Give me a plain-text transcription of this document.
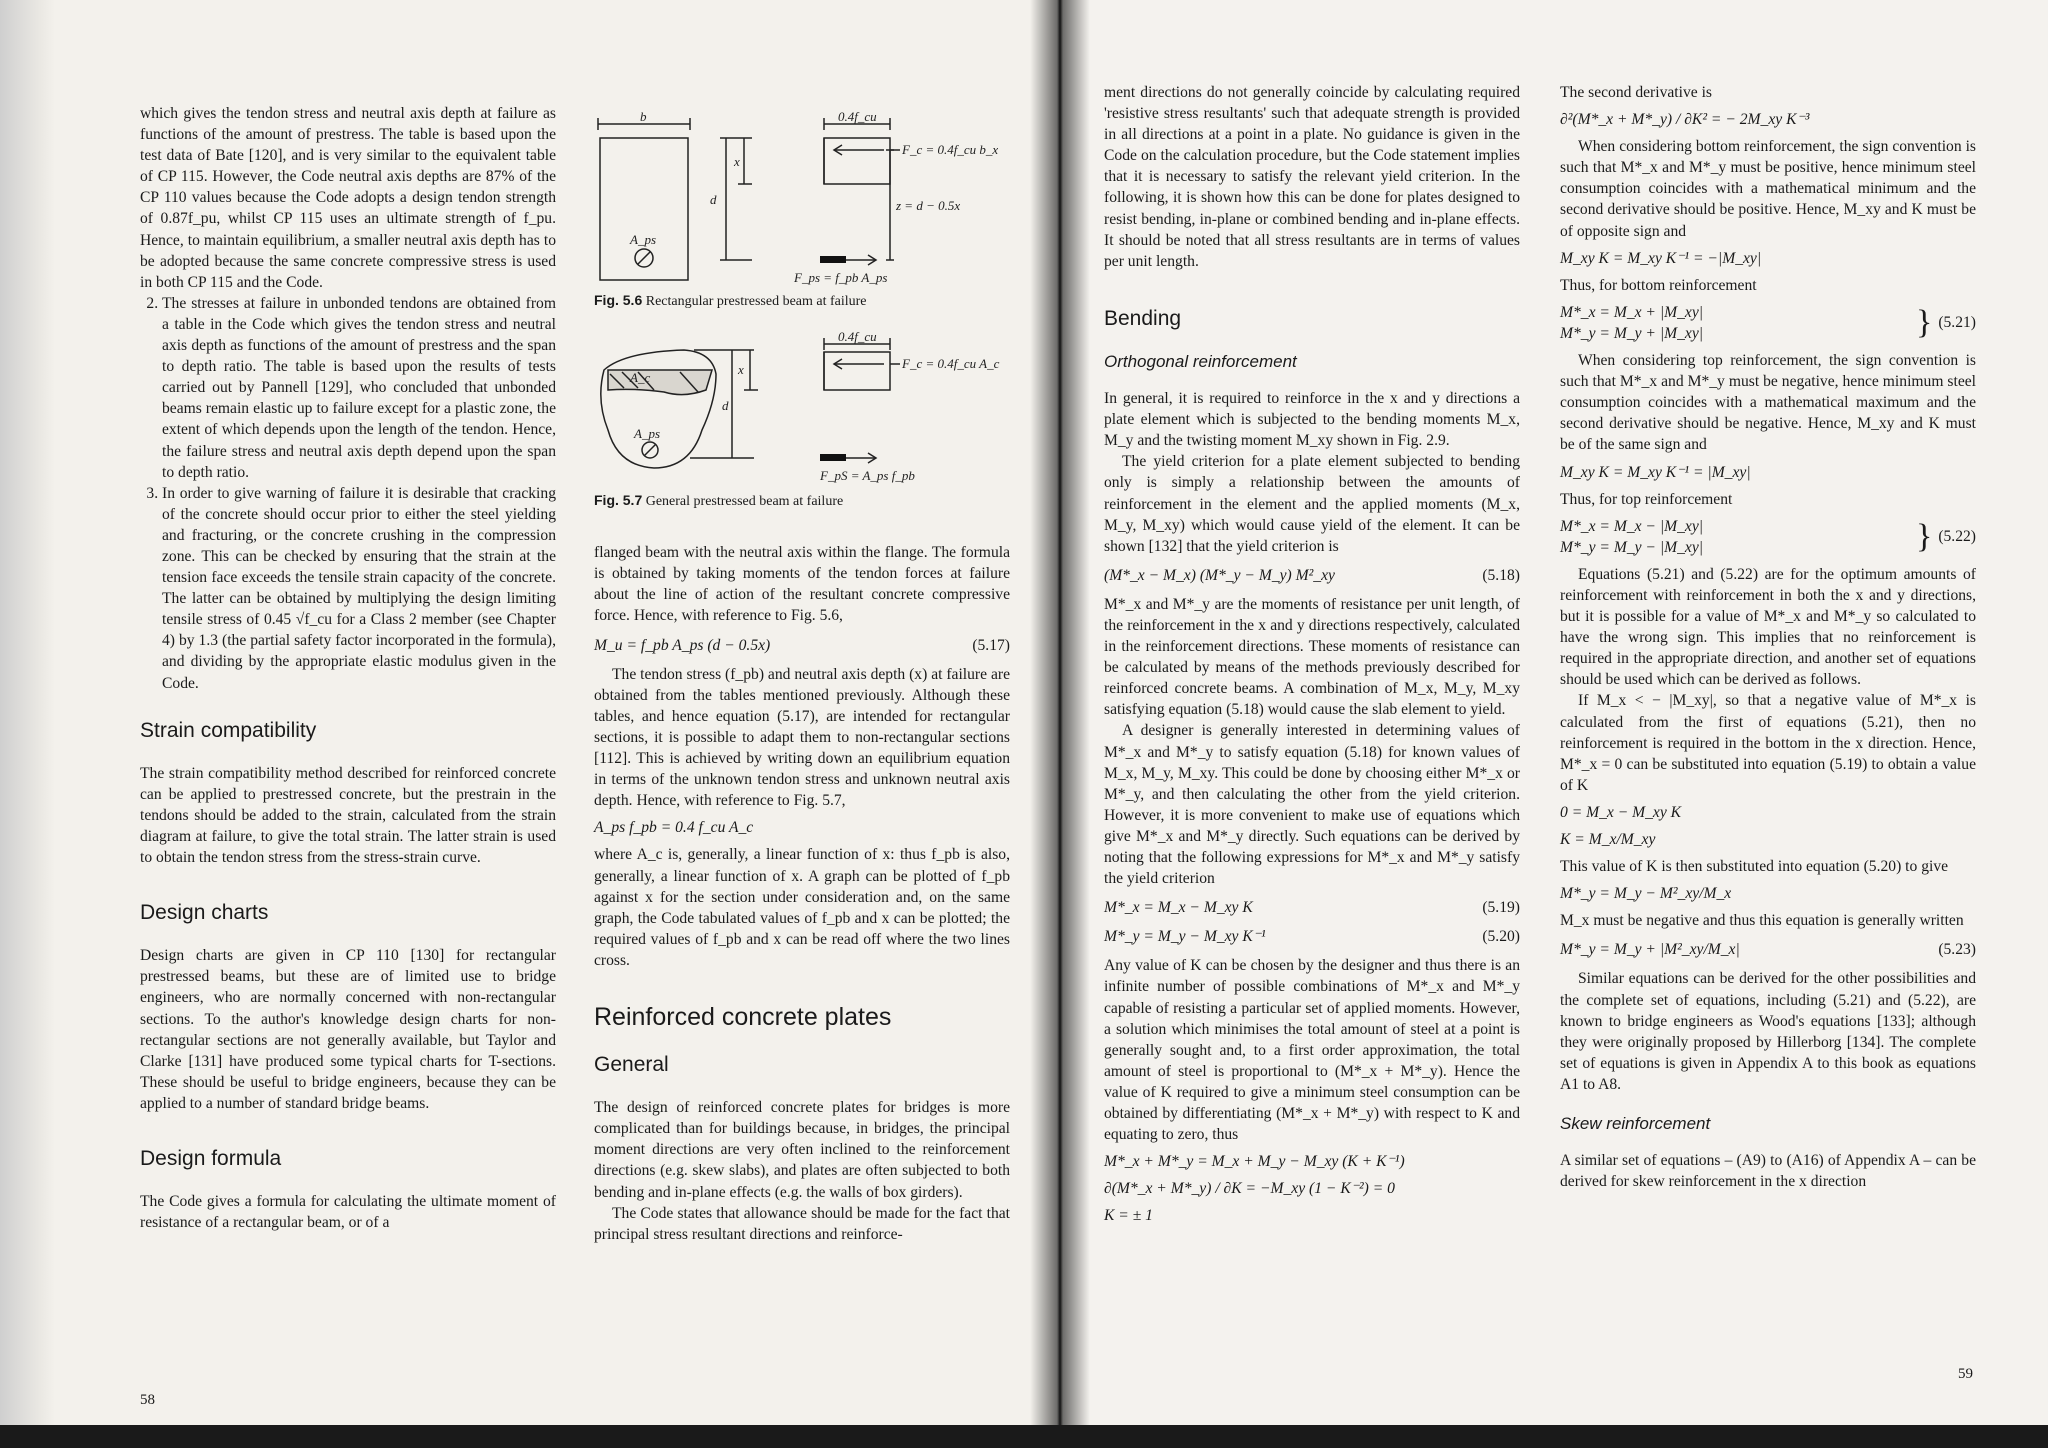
which gives the tendon stress and neutral axis depth at failure as functions of the amount of prestress. The table is based upon the test data of Bate [120], and is very similar to the equivalent table of CP 115. However, the Code neutral axis depths are 87% of the CP 110 values because the Code adopts a design tendon strength of 0.87f_pu, whilst CP 115 uses an ultimate strength of f_pu. Hence, to maintain equilibrium, a smaller neutral axis depth has to be adopted because the same concrete compressive stress is used in both CP 115 and the Code.

2. The stresses at failure in unbonded tendons are obtained from a table in the Code which gives the tendon stress and neutral axis depth as functions of the amount of prestress and the span to depth ratio. The table is based upon the results of tests carried out by Pannell [129], who concluded that unbonded beams remain elastic up to failure except for a plastic zone, the extent of which depends upon the length of the tendon. Hence, the failure stress and neutral axis depth depend upon the span to depth ratio.
3. In order to give warning of failure it is desirable that cracking of the concrete should occur prior to either the steel yielding and fracturing, or the concrete crushing in the compression zone. This can be checked by ensuring that the strain at the tension face exceeds the tensile strain capacity of the concrete. The latter can be obtained by multiplying the design limiting tensile stress of 0.45 √f_cu for a Class 2 member (see Chapter 4) by 1.3 (the partial safety factor incorporated in the formula), and dividing by the appropriate elastic modulus given in the Code.
Strain compatibility

The strain compatibility method described for reinforced concrete can be applied to prestressed concrete, but the prestrain in the tendons should be added to the strain, calculated from the strain diagram at failure, to give the total strain. The latter strain is used to obtain the tendon stress from the stress-strain curve.

Design charts

Design charts are given in CP 110 [130] for rectangular prestressed beams, but these are of limited use to bridge engineers, who are normally concerned with non-rectangular sections. To the author's knowledge design charts for non-rectangular sections are not generally available, but Taylor and Clarke [131] have produced some typical charts for T-sections. These should be useful to bridge engineers, because they can be applied to a number of standard bridge beams.

Design formula

The Code gives a formula for calculating the ultimate moment of resistance of a rectangular beam, or of a

b	0.4f_cu
x
d
A_ps
F_c = 0.4f_cu b_x
z = d − 0.5x
F_ps = f_pb A_ps

Fig. 5.6 Rectangular prestressed beam at failure

0.4f_cu
x
d
A_c
A_ps
F_c = 0.4f_cu A_c
F_pS = A_ps f_pb

Fig. 5.7 General prestressed beam at failure

flanged beam with the neutral axis within the flange. The formula is obtained by taking moments of the tendon forces at failure about the line of action of the resultant concrete compressive force. Hence, with reference to Fig. 5.6,

M_u = f_pb A_ps (d − 0.5x)	(5.17)

The tendon stress (f_pb) and neutral axis depth (x) at failure are obtained from the tables mentioned previously. Although these tables, and hence equation (5.17), are intended for rectangular sections, it is possible to adapt them to non-rectangular sections [112]. This is achieved by writing down an equilibrium equation in terms of the unknown tendon stress and unknown neutral axis depth. Hence, with reference to Fig. 5.7,

A_ps f_pb = 0.4 f_cu A_c

where A_c is, generally, a linear function of x: thus f_pb is also, generally, a linear function of x. A graph can be plotted of f_pb against x for the section under consideration and, on the same graph, the Code tabulated values of f_pb and x can be plotted; the required values of f_pb and x can be read off where the two lines cross.

Reinforced concrete plates
General

The design of reinforced concrete plates for bridges is more complicated than for buildings because, in bridges, the principal moment directions are very often inclined to the reinforcement directions (e.g. skew slabs), and plates are often subjected to both bending and in-plane effects (e.g. the walls of box girders).

The Code states that allowance should be made for the fact that principal stress resultant directions and reinforce-

58

ment directions do not generally coincide by calculating required 'resistive stress resultants' such that adequate strength is provided in all directions at a point in a plate. No guidance is given in the Code on the calculation procedure, but the Code statement implies that it is necessary to satisfy the relevant yield criterion. In the following, it is shown how this can be done for plates designed to resist bending, in-plane or combined bending and in-plane effects. It should be noted that all stress resultants are in terms of values per unit length.

Bending
Orthogonal reinforcement

In general, it is required to reinforce in the x and y directions a plate element which is subjected to the bending moments M_x, M_y and the twisting moment M_xy shown in Fig. 2.9.

The yield criterion for a plate element subjected to bending only is simply a relationship between the amounts of reinforcement in the element and the applied moments (M_x, M_y, M_xy) which would cause yield of the element. It can be shown [132] that the yield criterion is

(M*_x − M_x) (M*_y − M_y) M²_xy	(5.18)

M*_x and M*_y are the moments of resistance per unit length, of the reinforcement in the x and y directions respectively, calculated in the reinforcement directions. These moments of resistance can be calculated by means of the methods previously described for reinforced concrete beams. A combination of M_x, M_y, M_xy satisfying equation (5.18) would cause the slab element to yield.

A designer is generally interested in determining values of M*_x and M*_y to satisfy equation (5.18) for known values of M_x, M_y, M_xy. This could be done by choosing either M*_x or M*_y, and then calculating the other from the yield criterion. However, it is more convenient to make use of equations which give M*_x and M*_y directly. Such equations can be derived by noting that the following expressions for M*_x and M*_y satisfy the yield criterion

M*_x = M_x − M_xy K	(5.19)
M*_y = M_y − M_xy K⁻¹	(5.20)

Any value of K can be chosen by the designer and thus there is an infinite number of possible combinations of M*_x and M*_y capable of resisting a particular set of applied moments. However, a solution which minimises the total amount of steel at a point is generally sought and, to a first order approximation, the total amount of steel is proportional to (M*_x + M*_y). Hence the value of K required to give a minimum steel consumption can be obtained by differentiating (M*_x + M*_y) with respect to K and equating to zero, thus

M*_x + M*_y = M_x + M_y − M_xy (K + K⁻¹)
∂(M*_x + M*_y) / ∂K = −M_xy (1 − K⁻²) = 0
K = ± 1

The second derivative is

∂²(M*_x + M*_y) / ∂K² = − 2M_xy K⁻³

When considering bottom reinforcement, the sign convention is such that M*_x and M*_y must be positive, hence minimum steel consumption coincides with a mathematical minimum and the second derivative should be positive. Hence, M_xy and K must be of opposite sign and

M_xy K = M_xy K⁻¹ = −|M_xy|

Thus, for bottom reinforcement

M*_x = M_x + |M_xy|
M*_y = M_y + |M_xy|	} (5.21)

When considering top reinforcement, the sign convention is such that M*_x and M*_y must be negative, hence minimum steel consumption coincides with a mathematical maximum and the second derivative should be negative. Hence, M_xy and K must be of the same sign and

M_xy K = M_xy K⁻¹ = |M_xy|

Thus, for top reinforcement

M*_x = M_x − |M_xy|
M*_y = M_y − |M_xy|	} (5.22)

Equations (5.21) and (5.22) are for the optimum amounts of reinforcement with reinforcement in both the x and y directions, but it is possible for a value of M*_x and M*_y so calculated to have the wrong sign. This implies that no reinforcement is required in the appropriate direction, and another set of equations should be used which can be derived as follows.

If M_x < − |M_xy|, so that a negative value of M*_x is calculated from the first of equations (5.21), then no reinforcement is required in the bottom in the x direction. Hence, M*_x = 0 can be substituted into equation (5.19) to obtain a value of K

0 = M_x − M_xy K
K = M_x/M_xy

This value of K is then substituted into equation (5.20) to give

M*_y = M_y − M²_xy/M_x

M_x must be negative and thus this equation is generally written

M*_y = M_y + |M²_xy/M_x|	(5.23)

Similar equations can be derived for the other possibilities and the complete set of equations, including (5.21) and (5.22), are known to bridge engineers as Wood's equations [133]; although they were originally proposed by Hillerborg [134]. The complete set of equations is given in Appendix A to this book as equations A1 to A8.

Skew reinforcement

A similar set of equations – (A9) to (A16) of Appendix A – can be derived for skew reinforcement in the x direction

59
